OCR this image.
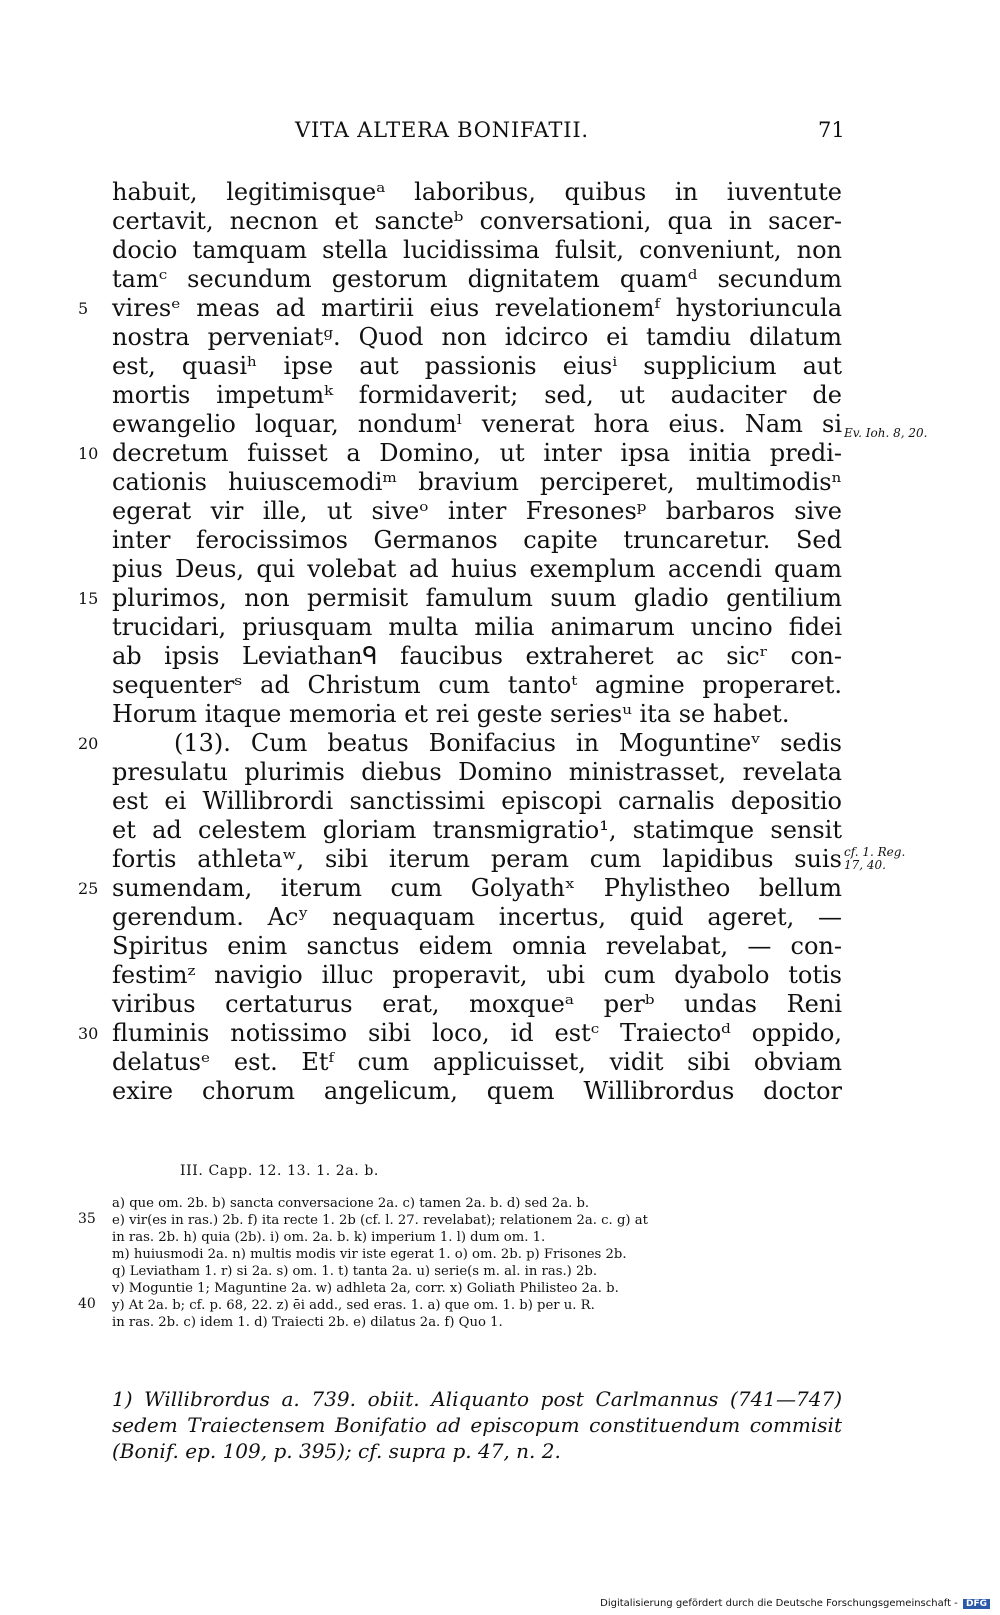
VITA ALTERA BONIFATII.	71
habuit, legitimisqueᵃ laboribus, quibus in iuventute
certavit, necnon et sancteᵇ conversationi, qua in sacer-
docio tamquam stella lucidissima fulsit, conveniunt, non
tamᶜ secundum gestorum dignitatem quamᵈ secundum
viresᵉ meas ad martirii eius revelationemᶠ hystoriuncula
nostra perveniatᵍ. Quod non idcirco ei tamdiu dilatum
est, quasiʰ ipse aut passionis eiusⁱ supplicium aut
mortis impetumᵏ formidaverit; sed, ut audaciter de
ewangelio loquar, nondumˡ venerat hora eius. Nam si
decretum fuisset a Domino, ut inter ipsa initia predi-
cationis huiuscemodiᵐ bravium perciperet, multimodisⁿ
egerat vir ille, ut siveᵒ inter Fresonesᵖ barbaros sive
inter ferocissimos Germanos capite truncaretur. Sed
pius Deus, qui volebat ad huius exemplum accendi quam
plurimos, non permisit famulum suum gladio gentilium
trucidari, priusquam multa milia animarum uncino fidei
ab ipsis Leviathanᑫ faucibus extraheret ac sicʳ con-
sequenterˢ ad Christum cum tantoᵗ agmine properaret.
Horum itaque memoria et rei geste seriesᵘ ita se habet.
(13). Cum beatus Bonifacius in Moguntineᵛ sedis
presulatu plurimis diebus Domino ministrasset, revelata
est ei Willibrordi sanctissimi episcopi carnalis depositio
et ad celestem gloriam transmigratio¹, statimque sensit
fortis athletaʷ, sibi iterum peram cum lapidibus suis
sumendam, iterum cum Golyathˣ Phylistheo bellum
gerendum. Acʸ nequaquam incertus, quid ageret, —
Spiritus enim sanctus eidem omnia revelabat, — con-
festimᶻ navigio illuc properavit, ubi cum dyabolo totis
viribus certaturus erat, moxqueᵃ perᵇ undas Reni
fluminis notissimo sibi loco, id estᶜ Traiectoᵈ oppido,
delatusᵉ est. Etᶠ cum applicuisset, vidit sibi obviam
exire chorum angelicum, quem Willibrordus doctor
5
10
15
20
25
30
Ev. Ioh. 8, 20.
cf. 1. Reg.
17, 40.
III. Capp. 12. 13. 1. 2a. b.
a) que om. 2b. b) sancta conversacione 2a. c) tamen 2a. b. d) sed 2a. b.
e) vir(es in ras.) 2b. f) ita recte 1. 2b (cf. l. 27. revelabat); relationem 2a. c. g) at
in ras. 2b. h) quia (2b). i) om. 2a. b. k) imperium 1. l) dum om. 1.
m) huiusmodi 2a. n) multis modis vir iste egerat 1. o) om. 2b. p) Frisones 2b.
q) Leviatham 1. r) si 2a. s) om. 1. t) tanta 2a. u) serie(s m. al. in ras.) 2b.
v) Moguntie 1; Maguntine 2a. w) adhleta 2a, corr. x) Goliath Philisteo 2a. b.
y) At 2a. b; cf. p. 68, 22. z) ēi add., sed eras. 1. a) que om. 1. b) per u. R.
in ras. 2b. c) idem 1. d) Traiecti 2b. e) dilatus 2a. f) Quo 1.
35
40
1) Willibrordus a. 739. obiit. Aliquanto post Carlmannus (741—747)
sedem Traiectensem Bonifatio ad episcopum constituendum commisit
(Bonif. ep. 109, p. 395); cf. supra p. 47, n. 2.
Digitalisierung gefördert durch die Deutsche Forschungsgemeinschaft - DFG
